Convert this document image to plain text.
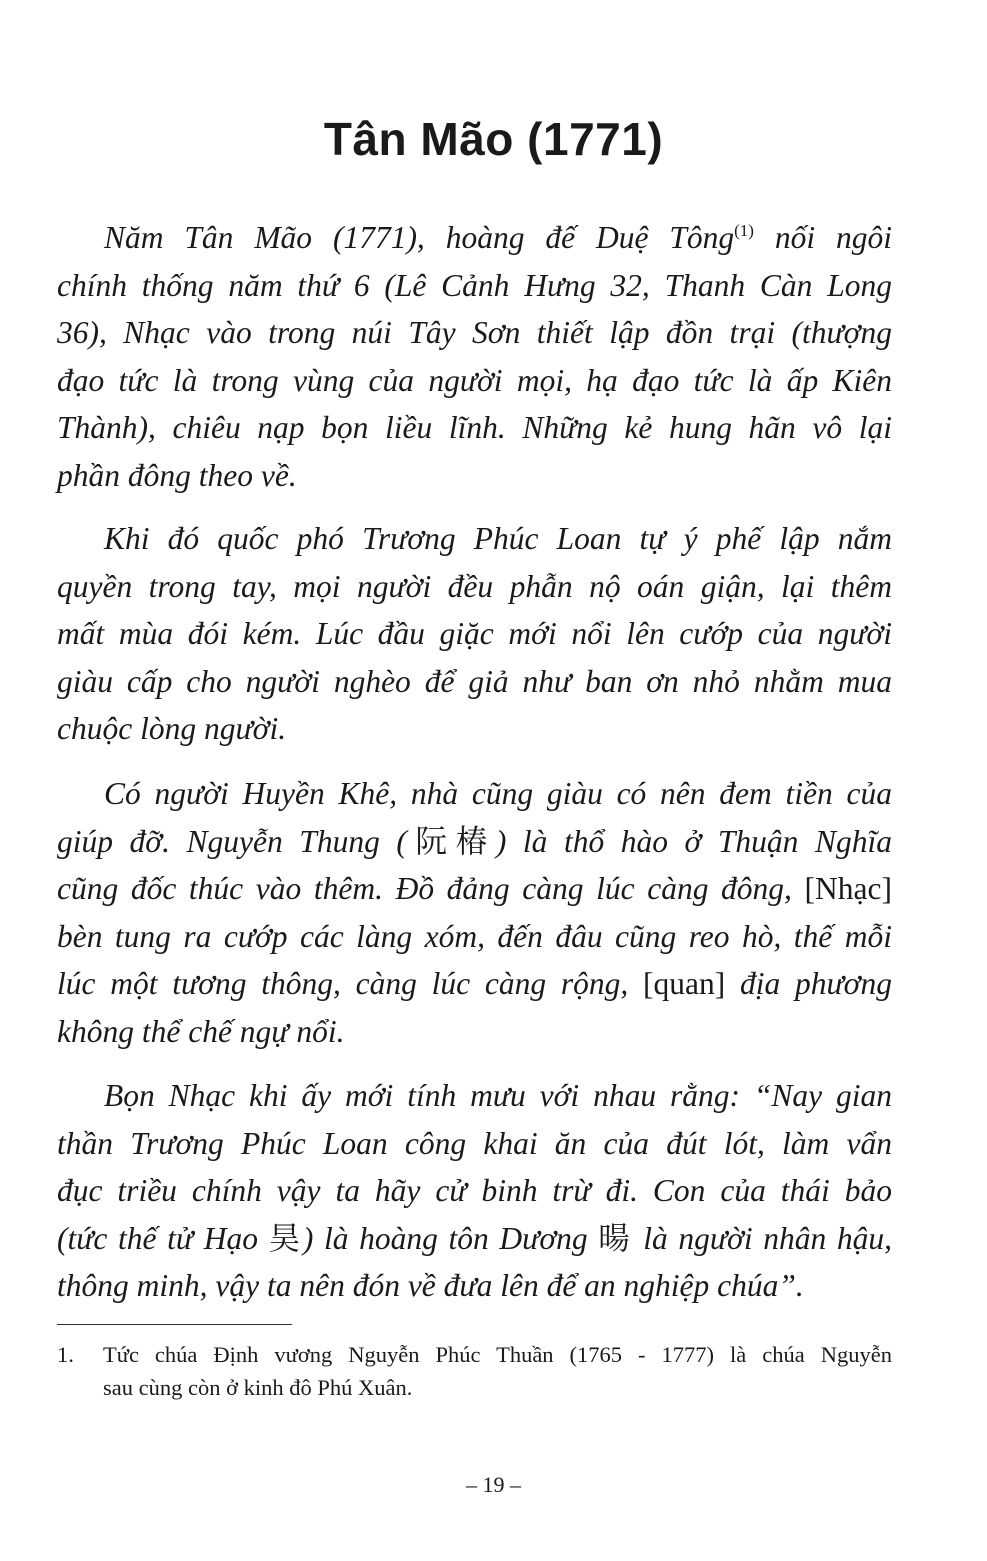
Tân Mão (1771)
Năm Tân Mão (1771), hoàng đế Duệ Tông$^{(1)}$ nối ngôi
chính thống năm thứ 6 (Lê Cảnh Hưng 32, Thanh Càn Long
36), Nhạc vào trong núi Tây Sơn thiết lập đồn trại (thượng
đạo tức là trong vùng của người mọi, hạ đạo tức là ấp Kiên
Thành), chiêu nạp bọn liều lĩnh. Những kẻ hung hãn vô lại
phần đông theo về.
Khi đó quốc phó Trương Phúc Loan tự ý phế lập nắm
quyền trong tay, mọi người đều phẫn nộ oán giận, lại thêm
mất mùa đói kém. Lúc đầu giặc mới nổi lên cướp của người
giàu cấp cho người nghèo để giả như ban ơn nhỏ nhằm mua
chuộc lòng người.
Có người Huyền Khê, nhà cũng giàu có nên đem tiền của
giúp đỡ. Nguyễn Thung (阮椿) là thổ hào ở Thuận Nghĩa
cũng đốc thúc vào thêm. Đồ đảng càng lúc càng đông, [Nhạc]
bèn tung ra cướp các làng xóm, đến đâu cũng reo hò, thế mỗi
lúc một tương thông, càng lúc càng rộng, [quan] địa phương
không thể chế ngự nổi.
Bọn Nhạc khi ấy mới tính mưu với nhau rằng: “Nay gian
thần Trương Phúc Loan công khai ăn của đút lót, làm vẩn
đục triều chính vậy ta hãy cử binh trừ đi. Con của thái bảo
(tức thế tử Hạo 昊) là hoàng tôn Dương 暘 là người nhân hậu,
thông minh, vậy ta nên đón về đưa lên để an nghiệp chúa”.
1. Tức chúa Định vương Nguyễn Phúc Thuần (1765 - 1777) là chúa Nguyễn
sau cùng còn ở kinh đô Phú Xuân.
– 19 –
